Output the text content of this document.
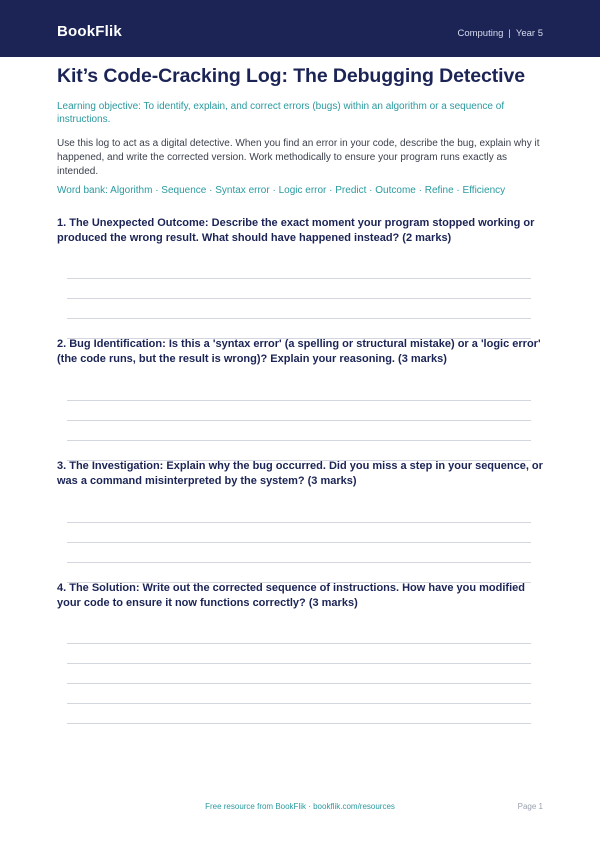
BookFlik	Computing | Year 5
Kit’s Code-Cracking Log: The Debugging Detective
Learning objective: To identify, explain, and correct errors (bugs) within an algorithm or a sequence of instructions.
Use this log to act as a digital detective. When you find an error in your code, describe the bug, explain why it happened, and write the corrected version. Work methodically to ensure your program runs exactly as intended.
Word bank: Algorithm · Sequence · Syntax error · Logic error · Predict · Outcome · Refine · Efficiency
1. The Unexpected Outcome: Describe the exact moment your program stopped working or produced the wrong result. What should have happened instead? (2 marks)
2. Bug Identification: Is this a 'syntax error' (a spelling or structural mistake) or a 'logic error' (the code runs, but the result is wrong)? Explain your reasoning. (3 marks)
3. The Investigation: Explain why the bug occurred. Did you miss a step in your sequence, or was a command misinterpreted by the system? (3 marks)
4. The Solution: Write out the corrected sequence of instructions. How have you modified your code to ensure it now functions correctly? (3 marks)
Free resource from BookFlik · bookflik.com/resources	Page 1
